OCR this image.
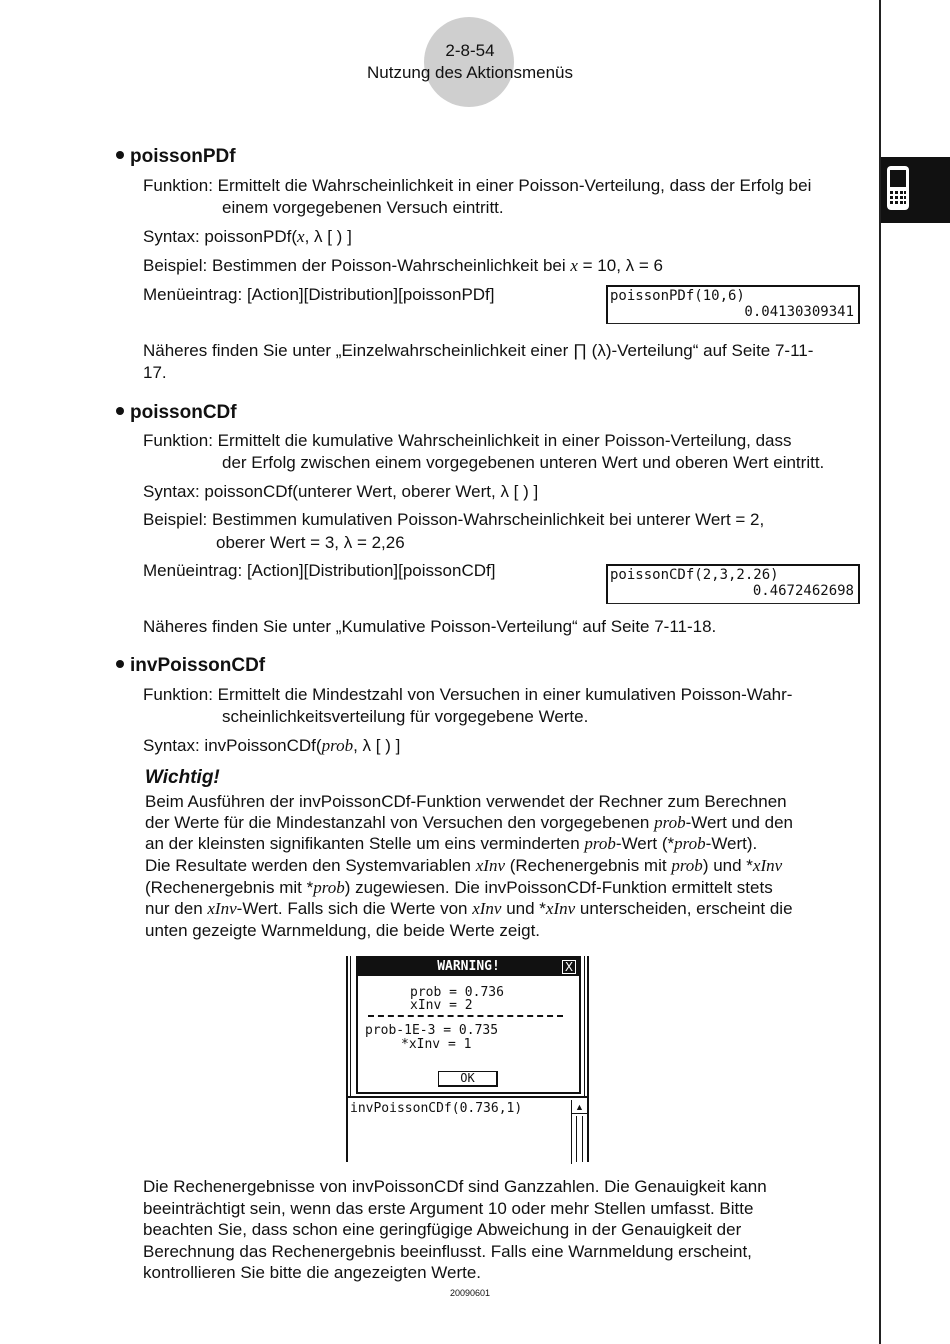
2-8-54
Nutzung des Aktionsmenüs
poissonPDf
Funktion: Ermittelt die Wahrscheinlichkeit in einer Poisson-Verteilung, dass der Erfolg bei
einem vorgegebenen Versuch eintritt.
Syntax: poissonPDf(x, λ [ ) ]
Beispiel: Bestimmen der Poisson-Wahrscheinlichkeit bei x = 10, λ = 6
Menüeintrag: [Action][Distribution][poissonPDf]	poissonPDf(10,6)
0.04130309341
Näheres finden Sie unter „Einzelwahrscheinlichkeit einer ∏ (λ)-Verteilung“ auf Seite 7-11-
17.
poissonCDf
Funktion: Ermittelt die kumulative Wahrscheinlichkeit in einer Poisson-Verteilung, dass
der Erfolg zwischen einem vorgegebenen unteren Wert und oberen Wert eintritt.
Syntax: poissonCDf(unterer Wert, oberer Wert, λ [ ) ]
Beispiel: Bestimmen kumulativen Poisson-Wahrscheinlichkeit bei unterer Wert = 2,
oberer Wert = 3, λ = 2,26
Menüeintrag: [Action][Distribution][poissonCDf]	poissonCDf(2,3,2.26)
0.4672462698
Näheres finden Sie unter „Kumulative Poisson-Verteilung“ auf Seite 7-11-18.
invPoissonCDf
Funktion: Ermittelt die Mindestzahl von Versuchen in einer kumulativen Poisson-Wahr-
scheinlichkeitsverteilung für vorgegebene Werte.
Syntax: invPoissonCDf(prob, λ [ ) ]
Wichtig!
Beim Ausführen der invPoissonCDf-Funktion verwendet der Rechner zum Berechnen
der Werte für die Mindestanzahl von Versuchen den vorgegebenen prob-Wert und den
an der kleinsten signifikanten Stelle um eins verminderten prob-Wert (*prob-Wert).
Die Resultate werden den Systemvariablen xInv (Rechenergebnis mit prob) und *xInv
(Rechenergebnis mit *prob) zugewiesen. Die invPoissonCDf-Funktion ermittelt stets
nur den xInv-Wert. Falls sich die Werte von xInv und *xInv unterscheiden, erscheint die
unten gezeigte Warnmeldung, die beide Werte zeigt.
WARNING!	X
prob = 0.736
xInv = 2
prob-1E-3 = 0.735
*xInv = 1
OK
invPoissonCDf(0.736,1)	▲
Die Rechenergebnisse von invPoissonCDf sind Ganzzahlen. Die Genauigkeit kann
beeinträchtigt sein, wenn das erste Argument 10 oder mehr Stellen umfasst. Bitte
beachten Sie, dass schon eine geringfügige Abweichung in der Genauigkeit der
Berechnung das Rechenergebnis beeinflusst. Falls eine Warnmeldung erscheint,
kontrollieren Sie bitte die angezeigten Werte.
20090601
